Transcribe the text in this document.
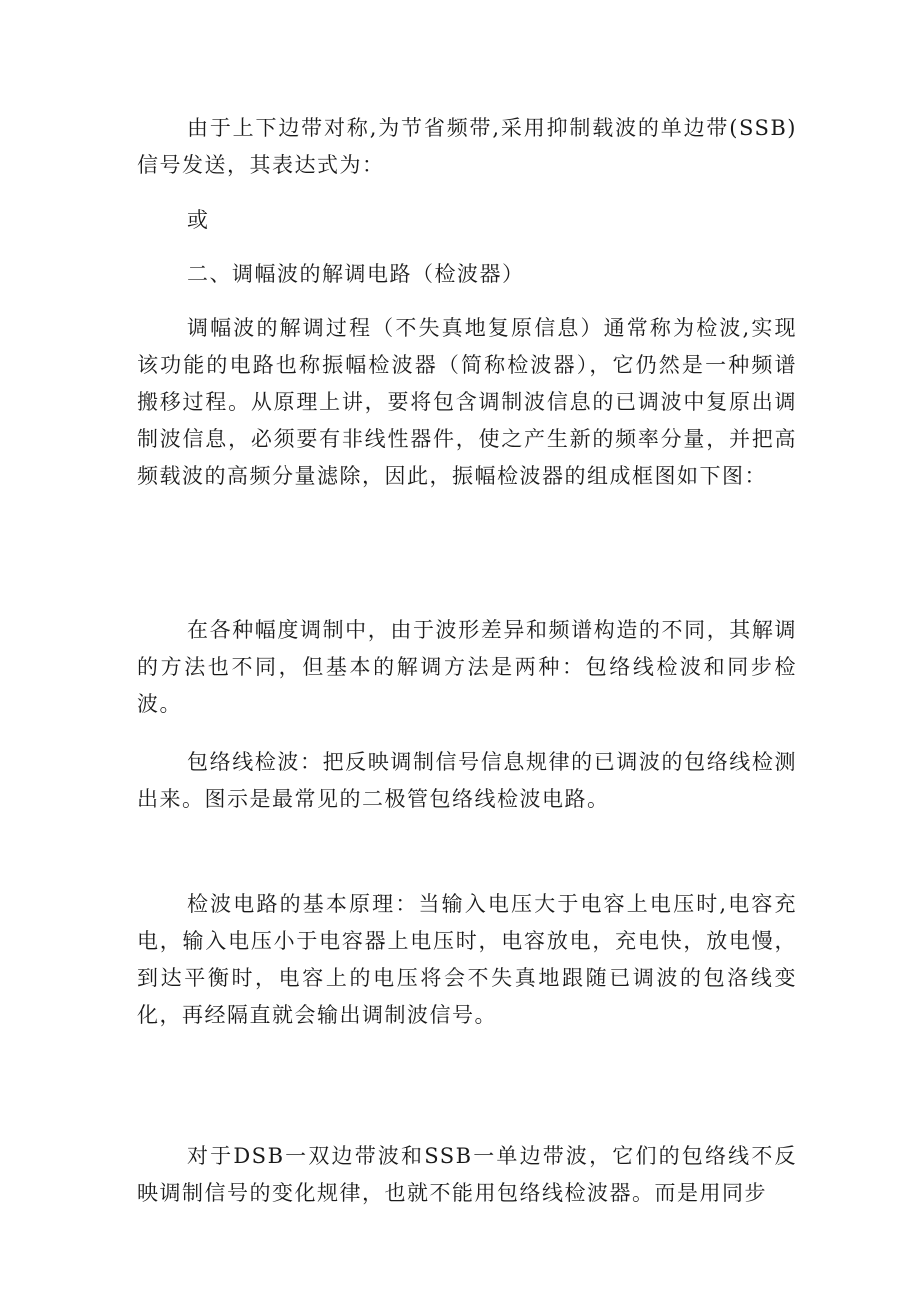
由于上下边带对称,为节省频带,采用抑制载波的单边带(SSB)信号发送，其表达式为：

或

二、调幅波的解调电路（检波器）

调幅波的解调过程（不失真地复原信息）通常称为检波,实现该功能的电路也称振幅检波器（简称检波器），它仍然是一种频谱搬移过程。从原理上讲，要将包含调制波信息的已调波中复原出调制波信息，必须要有非线性器件，使之产生新的频率分量，并把高频载波的高频分量滤除，因此，振幅检波器的组成框图如下图：

在各种幅度调制中，由于波形差异和频谱构造的不同，其解调的方法也不同，但基本的解调方法是两种：包络线检波和同步检波。

包络线检波：把反映调制信号信息规律的已调波的包络线检测出来。图示是最常见的二极管包络线检波电路。

检波电路的基本原理：当输入电压大于电容上电压时,电容充电，输入电压小于电容器上电压时，电容放电，充电快，放电慢，到达平衡时，电容上的电压将会不失真地跟随已调波的包洛线变化，再经隔直就会输出调制波信号。

对于DSB一双边带波和SSB一单边带波，它们的包络线不反映调制信号的变化规律，也就不能用包络线检波器。而是用同步
